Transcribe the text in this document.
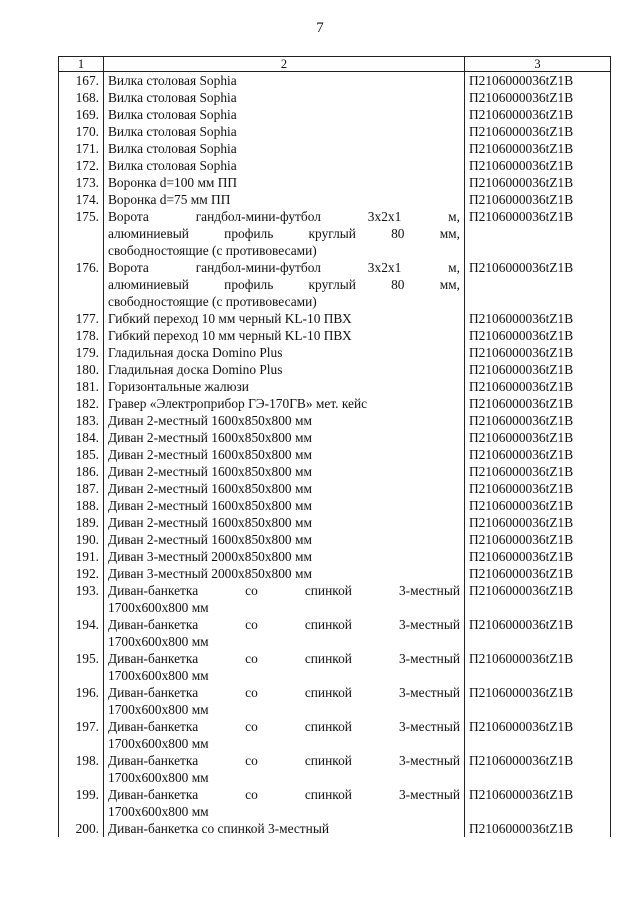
7
1	2	3
167.	Вилка столовая Sophia	П2106000036tZ1B
168.	Вилка столовая Sophia	П2106000036tZ1B
169.	Вилка столовая Sophia	П2106000036tZ1B
170.	Вилка столовая Sophia	П2106000036tZ1B
171.	Вилка столовая Sophia	П2106000036tZ1B
172.	Вилка столовая Sophia	П2106000036tZ1B
173.	Воронка d=100 мм ПП	П2106000036tZ1B
174.	Воронка d=75 мм ПП	П2106000036tZ1B
175.	Ворота гандбол-мини-футбол 3х2х1 м,
алюминиевый профиль круглый 80 мм,
свободностоящие (с противовесами)	П2106000036tZ1B
176.	Ворота гандбол-мини-футбол 3х2х1 м,
алюминиевый профиль круглый 80 мм,
свободностоящие (с противовесами)	П2106000036tZ1B
177.	Гибкий переход 10 мм черный KL-10 ПВХ	П2106000036tZ1B
178.	Гибкий переход 10 мм черный KL-10 ПВХ	П2106000036tZ1B
179.	Гладильная доска Domino Plus	П2106000036tZ1B
180.	Гладильная доска Domino Plus	П2106000036tZ1B
181.	Горизонтальные жалюзи	П2106000036tZ1B
182.	Гравер «Электроприбор ГЭ-170ГВ» мет. кейс	П2106000036tZ1B
183.	Диван 2-местный 1600х850х800 мм	П2106000036tZ1B
184.	Диван 2-местный 1600х850х800 мм	П2106000036tZ1B
185.	Диван 2-местный 1600х850х800 мм	П2106000036tZ1B
186.	Диван 2-местный 1600х850х800 мм	П2106000036tZ1B
187.	Диван 2-местный 1600х850х800 мм	П2106000036tZ1B
188.	Диван 2-местный 1600х850х800 мм	П2106000036tZ1B
189.	Диван 2-местный 1600х850х800 мм	П2106000036tZ1B
190.	Диван 2-местный 1600х850х800 мм	П2106000036tZ1B
191.	Диван 3-местный 2000х850х800 мм	П2106000036tZ1B
192.	Диван 3-местный 2000х850х800 мм	П2106000036tZ1B
193.	Диван-банкетка со спинкой 3-местный
1700х600х800 мм	П2106000036tZ1B
194.	Диван-банкетка со спинкой 3-местный
1700х600х800 мм	П2106000036tZ1B
195.	Диван-банкетка со спинкой 3-местный
1700х600х800 мм	П2106000036tZ1B
196.	Диван-банкетка со спинкой 3-местный
1700х600х800 мм	П2106000036tZ1B
197.	Диван-банкетка со спинкой 3-местный
1700х600х800 мм	П2106000036tZ1B
198.	Диван-банкетка со спинкой 3-местный
1700х600х800 мм	П2106000036tZ1B
199.	Диван-банкетка со спинкой 3-местный
1700х600х800 мм	П2106000036tZ1B
200.	Диван-банкетка со спинкой 3-местный	П2106000036tZ1B
